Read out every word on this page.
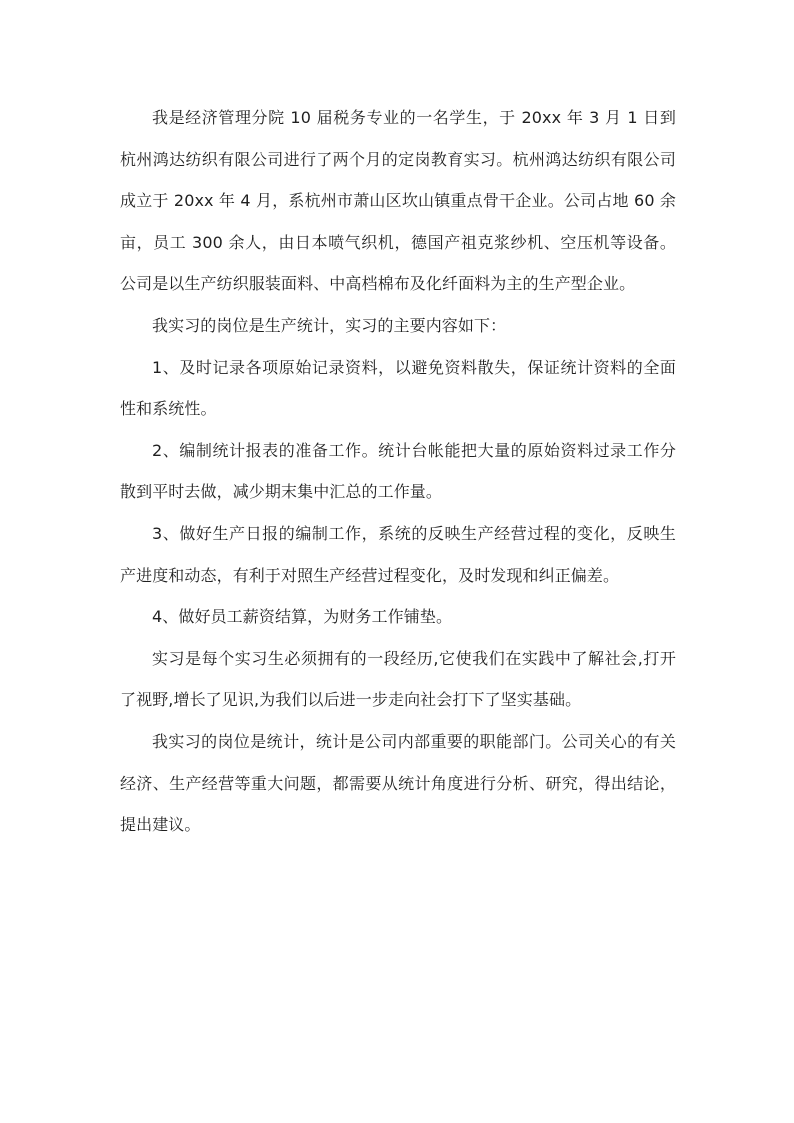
我是经济管理分院 10 届税务专业的一名学生，于 20xx 年 3 月 1 日到杭州鸿达纺织有限公司进行了两个月的定岗教育实习。杭州鸿达纺织有限公司成立于 20xx 年 4 月，系杭州市萧山区坎山镇重点骨干企业。公司占地 60 余亩，员工 300 余人，由日本喷气织机，德国产祖克浆纱机、空压机等设备。公司是以生产纺织服装面料、中高档棉布及化纤面料为主的生产型企业。

我实习的岗位是生产统计，实习的主要内容如下：

1、及时记录各项原始记录资料，以避免资料散失，保证统计资料的全面性和系统性。

2、编制统计报表的准备工作。统计台帐能把大量的原始资料过录工作分散到平时去做，减少期末集中汇总的工作量。

3、做好生产日报的编制工作，系统的反映生产经营过程的变化，反映生产进度和动态，有利于对照生产经营过程变化，及时发现和纠正偏差。

4、做好员工薪资结算，为财务工作铺垫。

实习是每个实习生必须拥有的一段经历,它使我们在实践中了解社会,打开了视野,增长了见识,为我们以后进一步走向社会打下了坚实基础。

我实习的岗位是统计，统计是公司内部重要的职能部门。公司关心的有关经济、生产经营等重大问题，都需要从统计角度进行分析、研究，得出结论，提出建议。
